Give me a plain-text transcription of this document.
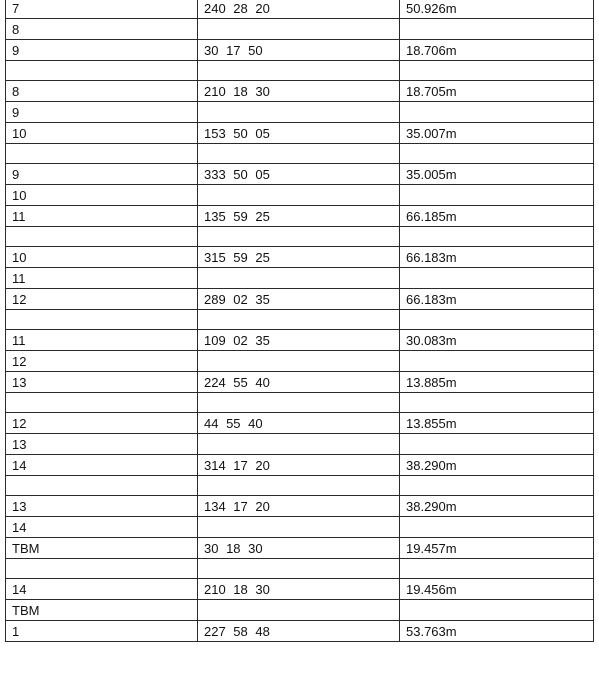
7	240 28 20	50.926m
8		
9	30 17 50	18.706m

8	210 18 30	18.705m
9		
10	153 50 05	35.007m

9	333 50 05	35.005m
10		
11	135 59 25	66.185m

10	315 59 25	66.183m
11		
12	289 02 35	66.183m

11	109 02 35	30.083m
12		
13	224 55 40	13.885m

12	44 55 40	13.855m
13		
14	314 17 20	38.290m

13	134 17 20	38.290m
14		
TBM	30 18 30	19.457m

14	210 18 30	19.456m
TBM		
1	227 58 48	53.763m
